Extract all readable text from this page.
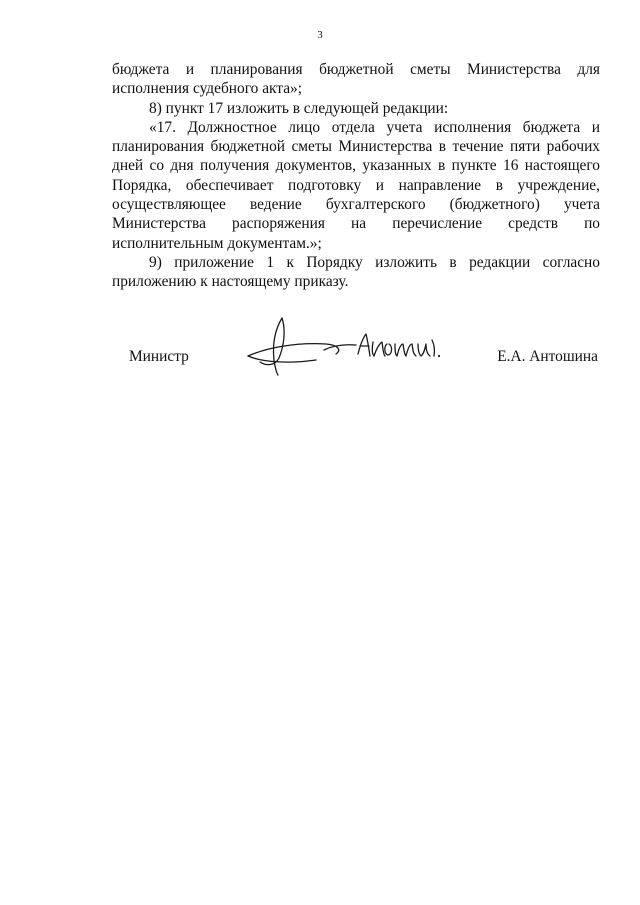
3

бюджета и планирования бюджетной сметы Министерства для исполнения судебного акта»;

8) пункт 17 изложить в следующей редакции:

«17. Должностное лицо отдела учета исполнения бюджета и планирования бюджетной сметы Министерства в течение пяти рабочих дней со дня получения документов, указанных в пункте 16 настоящего Порядка, обеспечивает подготовку и направление в учреждение, осуществляющее ведение бухгалтерского (бюджетного) учета Министерства распоряжения на перечисление средств по исполнительным документам.»;

9) приложение 1 к Порядку изложить в редакции согласно приложению к настоящему приказу.

Министр	Е.А. Антошина
